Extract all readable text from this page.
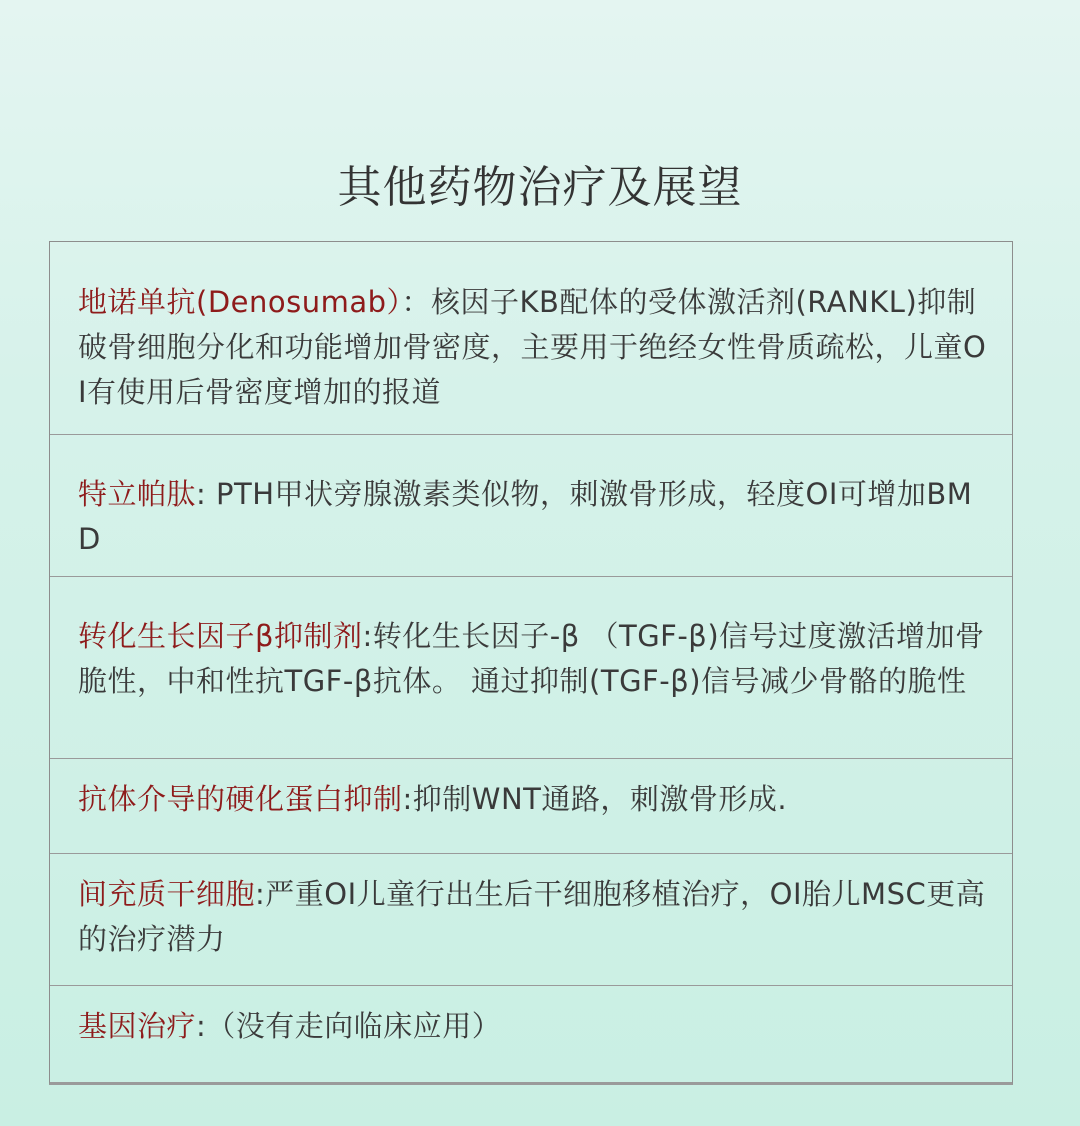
其他药物治疗及展望
地诺单抗(Denosumab）：核因子KB配体的受体激活剂(RANKL)抑制破骨细胞分化和功能增加骨密度，主要用于绝经女性骨质疏松，儿童OI有使用后骨密度增加的报道
特立帕肽: PTH甲状旁腺激素类似物，刺激骨形成，轻度OI可增加BMD
转化生长因子β抑制剂:转化生长因子-β （TGF-β)信号过度激活增加骨脆性，中和性抗TGF-β抗体。 通过抑制(TGF-β)信号减少骨骼的脆性
抗体介导的硬化蛋白抑制:抑制WNT通路，刺激骨形成.
间充质干细胞:严重OI儿童行出生后干细胞移植治疗，OI胎儿MSC更高的治疗潜力
基因治疗:（没有走向临床应用）
